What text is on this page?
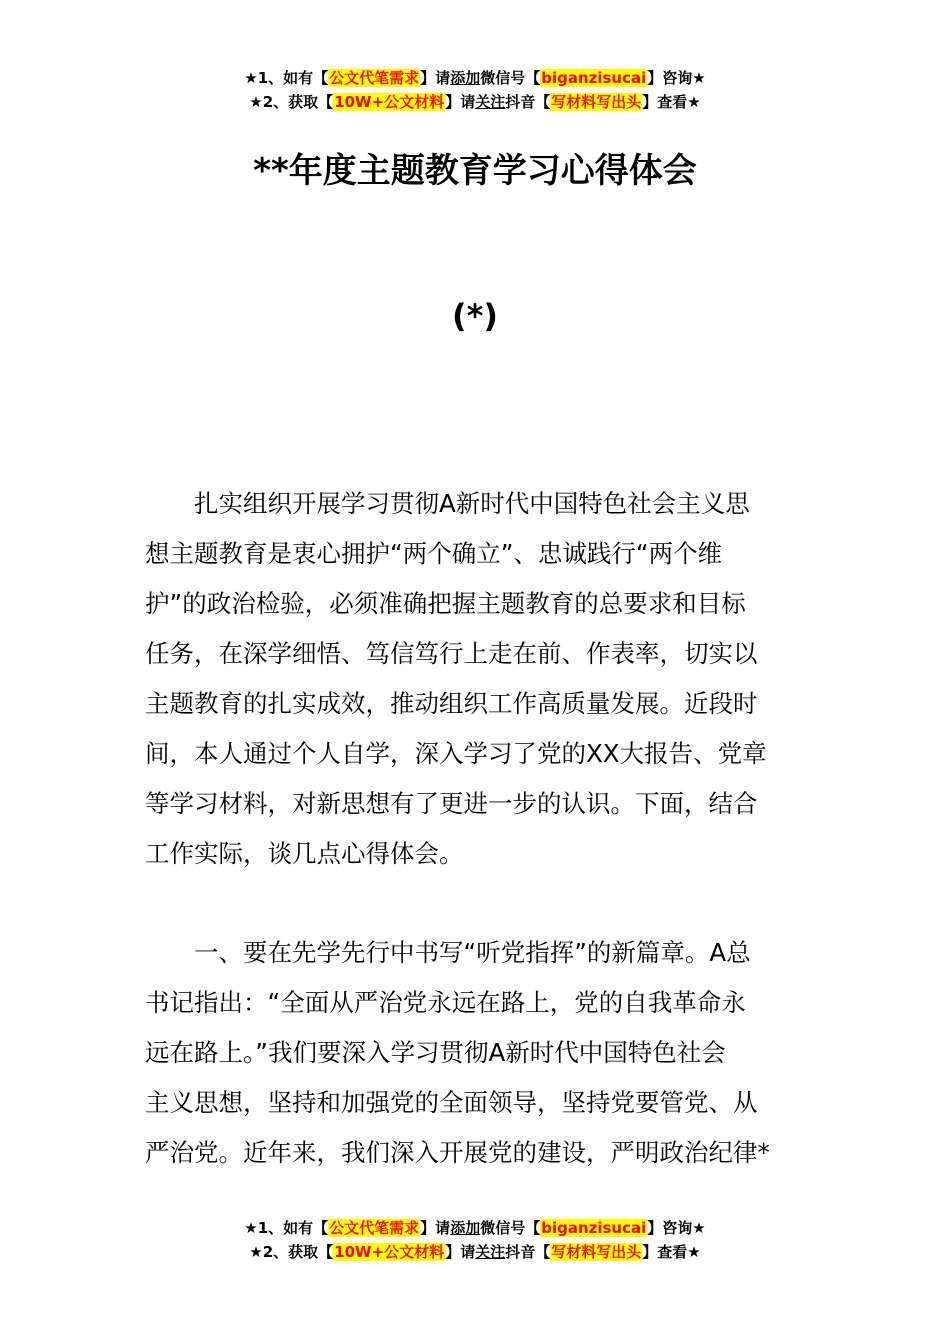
★1、如有【公文代笔需求】请添加微信号【biganzisucai】咨询★
★2、获取【10W+公文材料】请关注抖音【写材料写出头】查看★
**年度主题教育学习心得体会
(*)
扎实组织开展学习贯彻A新时代中国特色社会主义思
想主题教育是衷心拥护“两个确立”、忠诚践行“两个维
护”的政治检验，必须准确把握主题教育的总要求和目标
任务，在深学细悟、笃信笃行上走在前、作表率，切实以
主题教育的扎实成效，推动组织工作高质量发展。近段时
间，本人通过个人自学，深入学习了党的XX大报告、党章
等学习材料，对新思想有了更进一步的认识。下面，结合
工作实际，谈几点心得体会。
一、要在先学先行中书写“听党指挥”的新篇章。A总
书记指出：“全面从严治党永远在路上，党的自我革命永
远在路上。”我们要深入学习贯彻A新时代中国特色社会
主义思想，坚持和加强党的全面领导，坚持党要管党、从
严治党。近年来，我们深入开展党的建设，严明政治纪律*
★1、如有【公文代笔需求】请添加微信号【biganzisucai】咨询★
★2、获取【10W+公文材料】请关注抖音【写材料写出头】查看★
